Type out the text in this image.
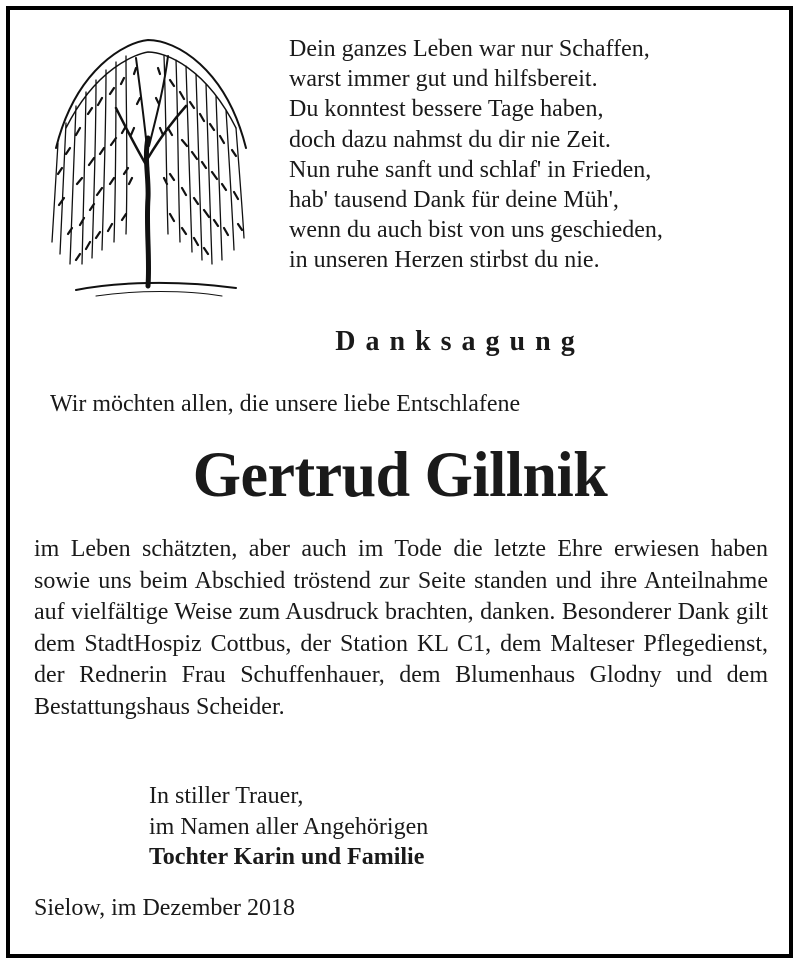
Dein ganzes Leben war nur Schaffen,
warst immer gut und hilfsbereit.
Du konntest bessere Tage haben,
doch dazu nahmst du dir nie Zeit.
Nun ruhe sanft und schlaf' in Frieden,
hab' tausend Dank für deine Müh',
wenn du auch bist von uns geschieden,
in unseren Herzen stirbst du nie.
Danksagung
Wir möchten allen, die unsere liebe Entschlafene
Gertrud Gillnik
im Leben schätzten, aber auch im Tode die letzte Ehre erwiesen haben sowie uns beim Abschied tröstend zur Seite standen und ihre Anteilnahme auf vielfältige Weise zum Ausdruck brachten, danken. Besonderer Dank gilt dem StadtHospiz Cottbus, der Station KL C1, dem Malteser Pflegedienst, der Rednerin Frau Schuffenhauer, dem Blumenhaus Glodny und dem Bestattungshaus Scheider.
In stiller Trauer,
im Namen aller Angehörigen
Tochter Karin und Familie
Sielow, im Dezember 2018
